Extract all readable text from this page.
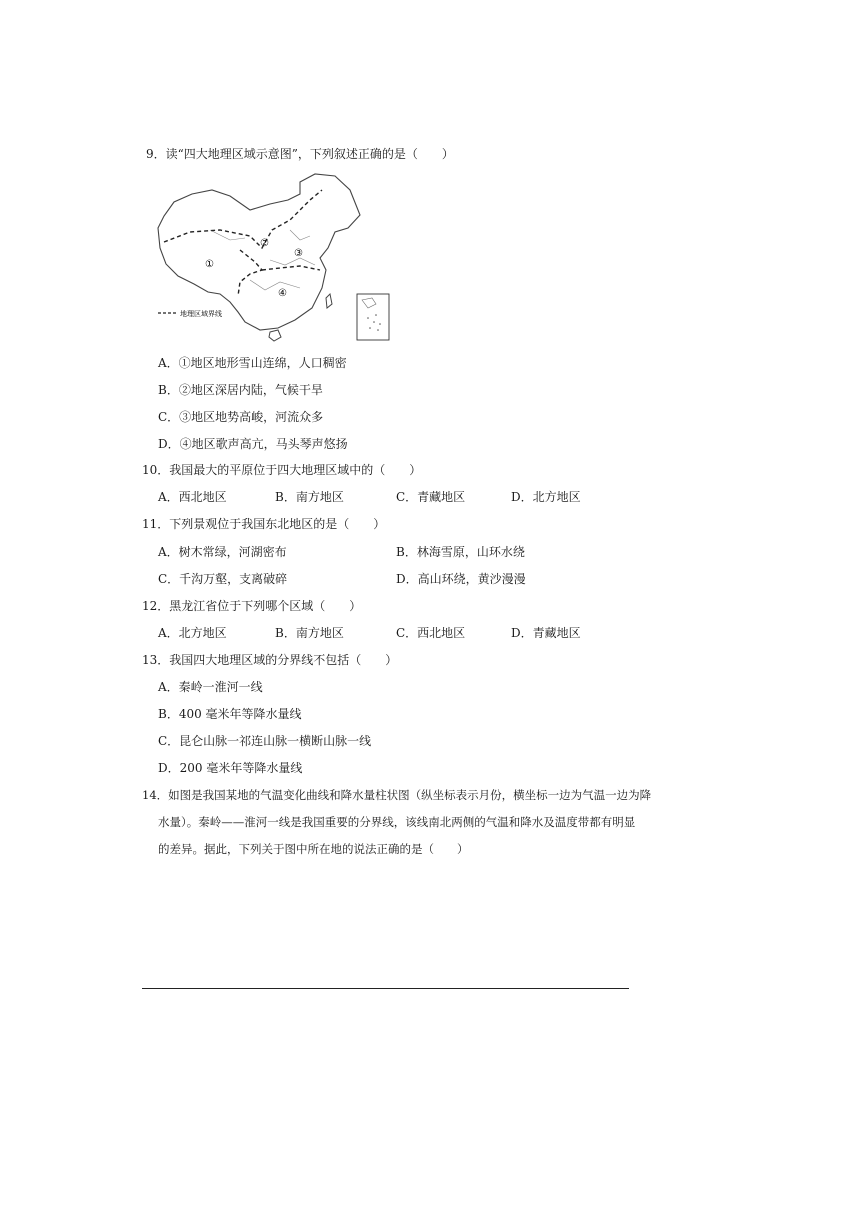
9．读“四大地理区域示意图”，下列叙述正确的是（　　）
①
②
③
④
地理区域界线
A．①地区地形雪山连绵，人口稠密
B．②地区深居内陆，气候干旱
C．③地区地势高峻，河流众多
D．④地区歌声高亢，马头琴声悠扬
10．我国最大的平原位于四大地理区域中的（　　）
A．西北地区	B．南方地区	C．青藏地区	D．北方地区
11．下列景观位于我国东北地区的是（　　）
A．树木常绿，河湖密布	B．林海雪原，山环水绕
C．千沟万壑，支离破碎	D．高山环绕，黄沙漫漫
12．黑龙江省位于下列哪个区域（　　）
A．北方地区	B．南方地区	C．西北地区	D．青藏地区
13．我国四大地理区域的分界线不包括（　　）
A．秦岭一淮河一线
B．400 毫米年等降水量线
C．昆仑山脉一祁连山脉一横断山脉一线
D．200 毫米年等降水量线
14．如图是我国某地的气温变化曲线和降水量柱状图（纵坐标表示月份，横坐标一边为气温一边为降
水量）。秦岭——淮河一线是我国重要的分界线，该线南北两侧的气温和降水及温度带都有明显
的差异。据此，下列关于图中所在地的说法正确的是（　　）
